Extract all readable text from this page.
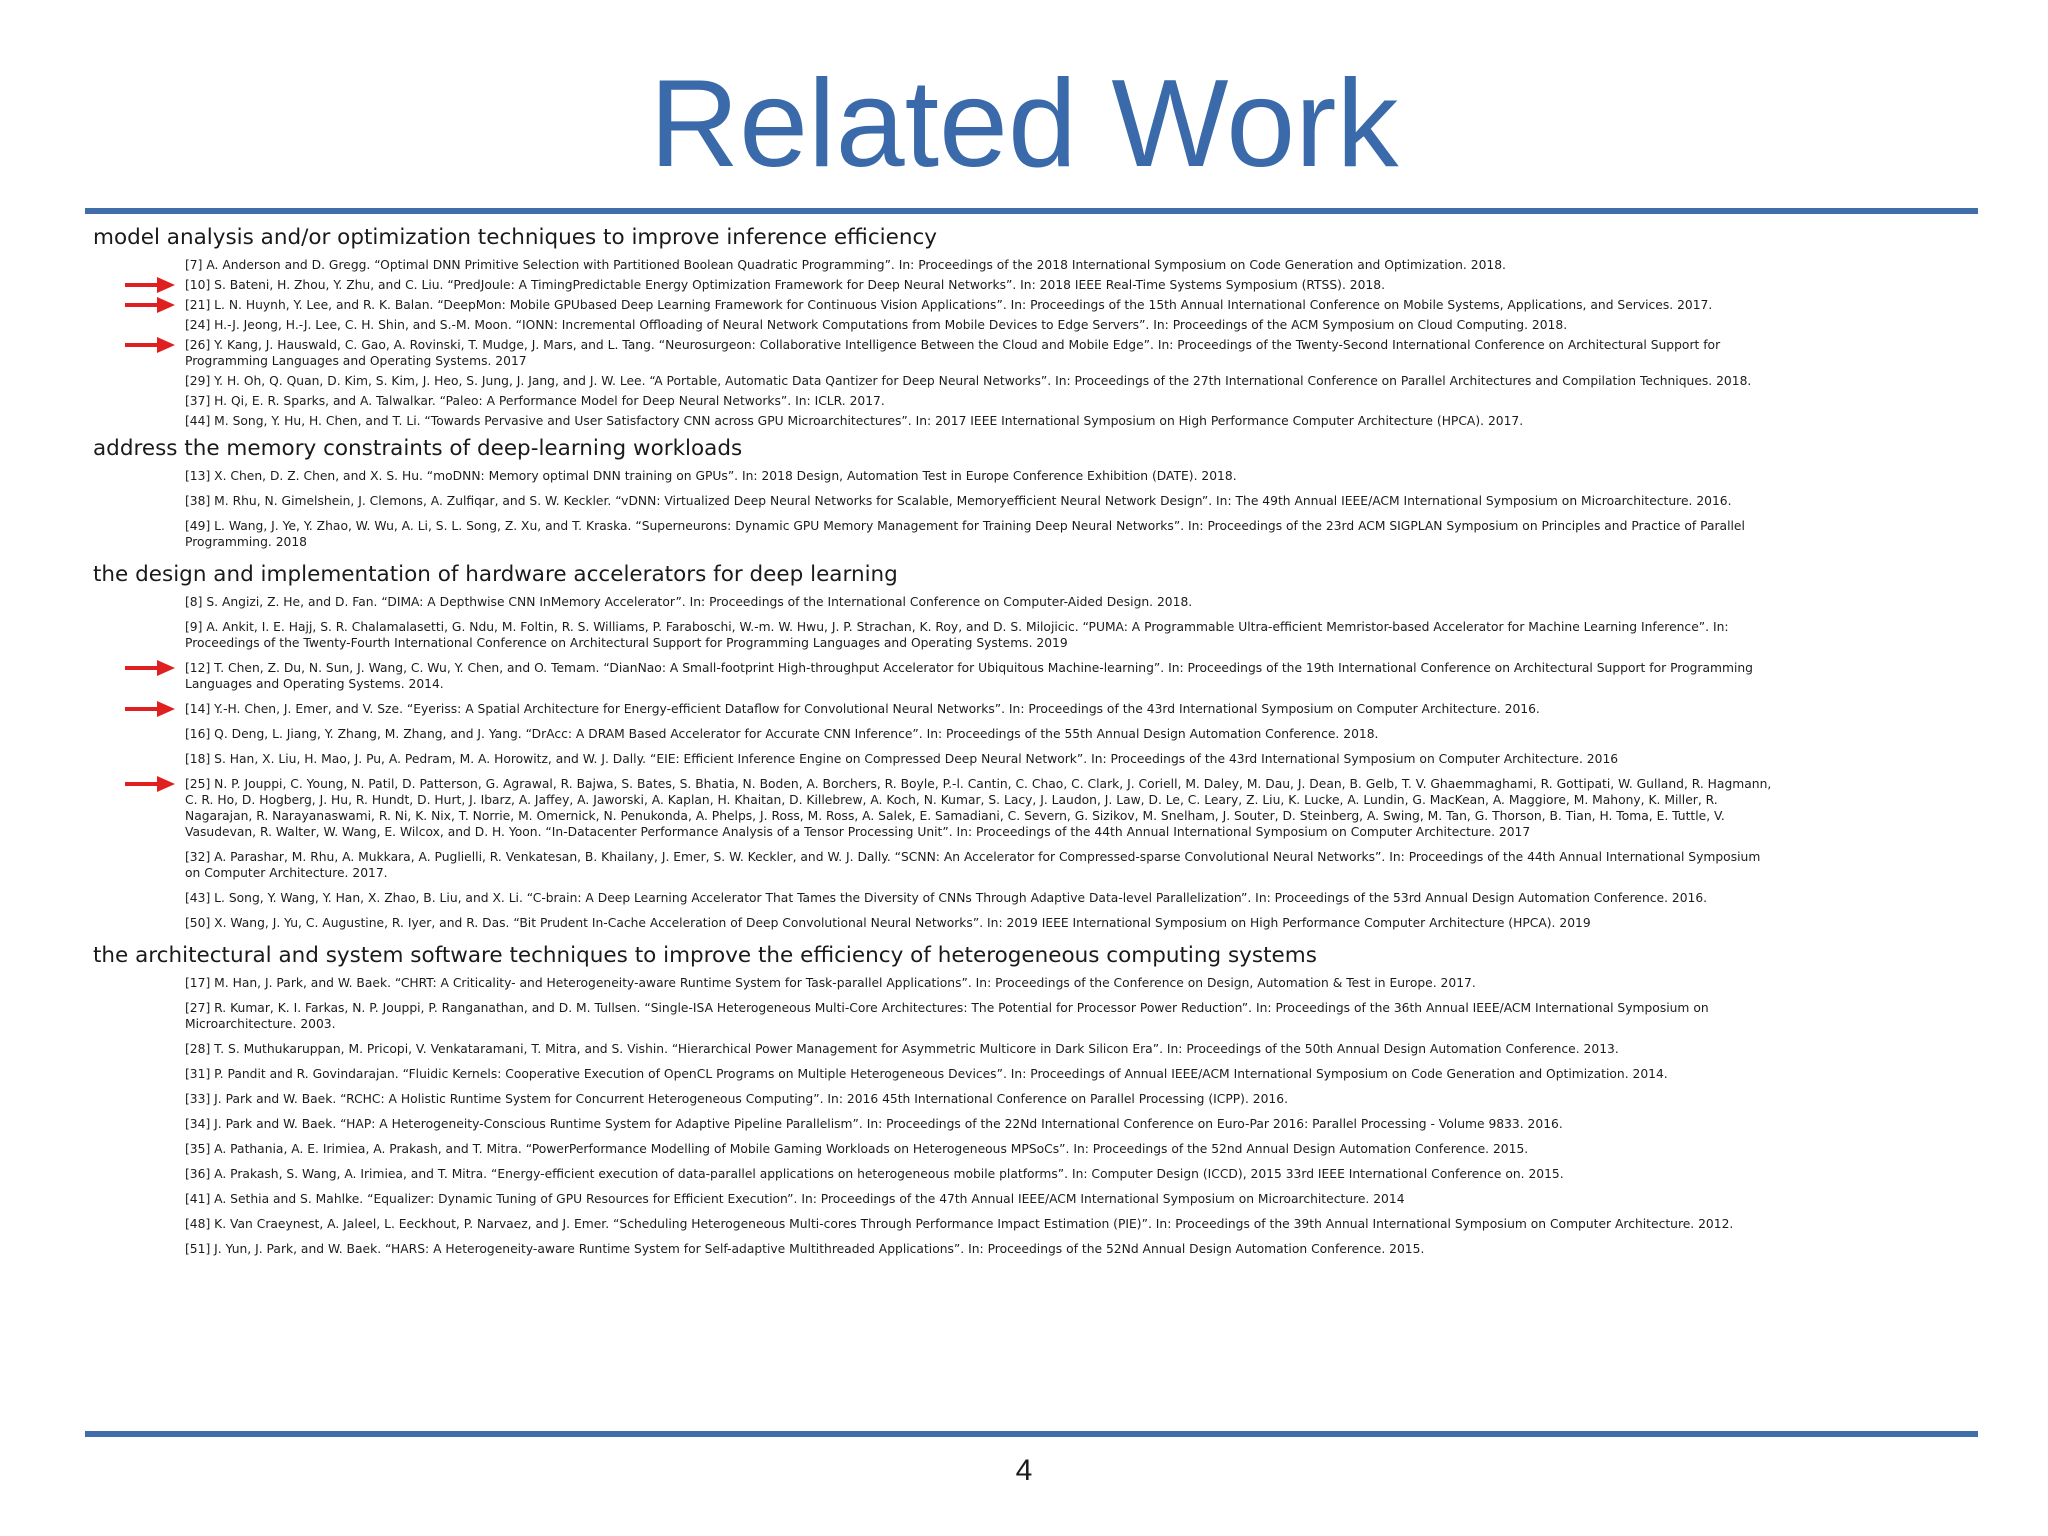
Related Work
model analysis and/or optimization techniques to improve inference efficiency
[7] A. Anderson and D. Gregg. “Optimal DNN Primitive Selection with Partitioned Boolean Quadratic Programming”. In: Proceedings of the 2018 International Symposium on Code Generation and Optimization. 2018.
[10] S. Bateni, H. Zhou, Y. Zhu, and C. Liu. “PredJoule: A TimingPredictable Energy Optimization Framework for Deep Neural Networks”. In: 2018 IEEE Real-Time Systems Symposium (RTSS). 2018.
[21] L. N. Huynh, Y. Lee, and R. K. Balan. “DeepMon: Mobile GPUbased Deep Learning Framework for Continuous Vision Applications”. In: Proceedings of the 15th Annual International Conference on Mobile Systems, Applications, and Services. 2017.
[24] H.-J. Jeong, H.-J. Lee, C. H. Shin, and S.-M. Moon. “IONN: Incremental Offloading of Neural Network Computations from Mobile Devices to Edge Servers”. In: Proceedings of the ACM Symposium on Cloud Computing. 2018.
[26] Y. Kang, J. Hauswald, C. Gao, A. Rovinski, T. Mudge, J. Mars, and L. Tang. “Neurosurgeon: Collaborative Intelligence Between the Cloud and Mobile Edge”. In: Proceedings of the Twenty-Second International Conference on Architectural Support for Programming Languages and Operating Systems. 2017
[29] Y. H. Oh, Q. Quan, D. Kim, S. Kim, J. Heo, S. Jung, J. Jang, and J. W. Lee. “A Portable, Automatic Data Qantizer for Deep Neural Networks”. In: Proceedings of the 27th International Conference on Parallel Architectures and Compilation Techniques. 2018.
[37] H. Qi, E. R. Sparks, and A. Talwalkar. “Paleo: A Performance Model for Deep Neural Networks”. In: ICLR. 2017.
[44] M. Song, Y. Hu, H. Chen, and T. Li. “Towards Pervasive and User Satisfactory CNN across GPU Microarchitectures”. In: 2017 IEEE International Symposium on High Performance Computer Architecture (HPCA). 2017.
address the memory constraints of deep-learning workloads
[13] X. Chen, D. Z. Chen, and X. S. Hu. “moDNN: Memory optimal DNN training on GPUs”. In: 2018 Design, Automation Test in Europe Conference Exhibition (DATE). 2018.
[38] M. Rhu, N. Gimelshein, J. Clemons, A. Zulfiqar, and S. W. Keckler. “vDNN: Virtualized Deep Neural Networks for Scalable, Memoryefficient Neural Network Design”. In: The 49th Annual IEEE/ACM International Symposium on Microarchitecture. 2016.
[49] L. Wang, J. Ye, Y. Zhao, W. Wu, A. Li, S. L. Song, Z. Xu, and T. Kraska. “Superneurons: Dynamic GPU Memory Management for Training Deep Neural Networks”. In: Proceedings of the 23rd ACM SIGPLAN Symposium on Principles and Practice of Parallel Programming. 2018
the design and implementation of hardware accelerators for deep learning
[8] S. Angizi, Z. He, and D. Fan. “DIMA: A Depthwise CNN InMemory Accelerator”. In: Proceedings of the International Conference on Computer-Aided Design. 2018.
[9] A. Ankit, I. E. Hajj, S. R. Chalamalasetti, G. Ndu, M. Foltin, R. S. Williams, P. Faraboschi, W.-m. W. Hwu, J. P. Strachan, K. Roy, and D. S. Milojicic. “PUMA: A Programmable Ultra-efficient Memristor-based Accelerator for Machine Learning Inference”. In: Proceedings of the Twenty-Fourth International Conference on Architectural Support for Programming Languages and Operating Systems. 2019
[12] T. Chen, Z. Du, N. Sun, J. Wang, C. Wu, Y. Chen, and O. Temam. “DianNao: A Small-footprint High-throughput Accelerator for Ubiquitous Machine-learning”. In: Proceedings of the 19th International Conference on Architectural Support for Programming Languages and Operating Systems. 2014.
[14] Y.-H. Chen, J. Emer, and V. Sze. “Eyeriss: A Spatial Architecture for Energy-efficient Dataflow for Convolutional Neural Networks”. In: Proceedings of the 43rd International Symposium on Computer Architecture. 2016.
[16] Q. Deng, L. Jiang, Y. Zhang, M. Zhang, and J. Yang. “DrAcc: A DRAM Based Accelerator for Accurate CNN Inference”. In: Proceedings of the 55th Annual Design Automation Conference. 2018.
[18] S. Han, X. Liu, H. Mao, J. Pu, A. Pedram, M. A. Horowitz, and W. J. Dally. “EIE: Efficient Inference Engine on Compressed Deep Neural Network”. In: Proceedings of the 43rd International Symposium on Computer Architecture. 2016
[25] N. P. Jouppi, C. Young, N. Patil, D. Patterson, G. Agrawal, R. Bajwa, S. Bates, S. Bhatia, N. Boden, A. Borchers, R. Boyle, P.-l. Cantin, C. Chao, C. Clark, J. Coriell, M. Daley, M. Dau, J. Dean, B. Gelb, T. V. Ghaemmaghami, R. Gottipati, W. Gulland, R. Hagmann, C. R. Ho, D. Hogberg, J. Hu, R. Hundt, D. Hurt, J. Ibarz, A. Jaffey, A. Jaworski, A. Kaplan, H. Khaitan, D. Killebrew, A. Koch, N. Kumar, S. Lacy, J. Laudon, J. Law, D. Le, C. Leary, Z. Liu, K. Lucke, A. Lundin, G. MacKean, A. Maggiore, M. Mahony, K. Miller, R. Nagarajan, R. Narayanaswami, R. Ni, K. Nix, T. Norrie, M. Omernick, N. Penukonda, A. Phelps, J. Ross, M. Ross, A. Salek, E. Samadiani, C. Severn, G. Sizikov, M. Snelham, J. Souter, D. Steinberg, A. Swing, M. Tan, G. Thorson, B. Tian, H. Toma, E. Tuttle, V. Vasudevan, R. Walter, W. Wang, E. Wilcox, and D. H. Yoon. “In-Datacenter Performance Analysis of a Tensor Processing Unit”. In: Proceedings of the 44th Annual International Symposium on Computer Architecture. 2017
[32] A. Parashar, M. Rhu, A. Mukkara, A. Puglielli, R. Venkatesan, B. Khailany, J. Emer, S. W. Keckler, and W. J. Dally. “SCNN: An Accelerator for Compressed-sparse Convolutional Neural Networks”. In: Proceedings of the 44th Annual International Symposium on Computer Architecture. 2017.
[43] L. Song, Y. Wang, Y. Han, X. Zhao, B. Liu, and X. Li. “C-brain: A Deep Learning Accelerator That Tames the Diversity of CNNs Through Adaptive Data-level Parallelization”. In: Proceedings of the 53rd Annual Design Automation Conference. 2016.
[50] X. Wang, J. Yu, C. Augustine, R. Iyer, and R. Das. “Bit Prudent In-Cache Acceleration of Deep Convolutional Neural Networks”. In: 2019 IEEE International Symposium on High Performance Computer Architecture (HPCA). 2019
the architectural and system software techniques to improve the efficiency of heterogeneous computing systems
[17] M. Han, J. Park, and W. Baek. “CHRT: A Criticality- and Heterogeneity-aware Runtime System for Task-parallel Applications”. In: Proceedings of the Conference on Design, Automation & Test in Europe. 2017.
[27] R. Kumar, K. I. Farkas, N. P. Jouppi, P. Ranganathan, and D. M. Tullsen. “Single-ISA Heterogeneous Multi-Core Architectures: The Potential for Processor Power Reduction”. In: Proceedings of the 36th Annual IEEE/ACM International Symposium on Microarchitecture. 2003.
[28] T. S. Muthukaruppan, M. Pricopi, V. Venkataramani, T. Mitra, and S. Vishin. “Hierarchical Power Management for Asymmetric Multicore in Dark Silicon Era”. In: Proceedings of the 50th Annual Design Automation Conference. 2013.
[31] P. Pandit and R. Govindarajan. “Fluidic Kernels: Cooperative Execution of OpenCL Programs on Multiple Heterogeneous Devices”. In: Proceedings of Annual IEEE/ACM International Symposium on Code Generation and Optimization. 2014.
[33] J. Park and W. Baek. “RCHC: A Holistic Runtime System for Concurrent Heterogeneous Computing”. In: 2016 45th International Conference on Parallel Processing (ICPP). 2016.
[34] J. Park and W. Baek. “HAP: A Heterogeneity-Conscious Runtime System for Adaptive Pipeline Parallelism”. In: Proceedings of the 22Nd International Conference on Euro-Par 2016: Parallel Processing - Volume 9833. 2016.
[35] A. Pathania, A. E. Irimiea, A. Prakash, and T. Mitra. “PowerPerformance Modelling of Mobile Gaming Workloads on Heterogeneous MPSoCs”. In: Proceedings of the 52nd Annual Design Automation Conference. 2015.
[36] A. Prakash, S. Wang, A. Irimiea, and T. Mitra. “Energy-efficient execution of data-parallel applications on heterogeneous mobile platforms”. In: Computer Design (ICCD), 2015 33rd IEEE International Conference on. 2015.
[41] A. Sethia and S. Mahlke. “Equalizer: Dynamic Tuning of GPU Resources for Efficient Execution”. In: Proceedings of the 47th Annual IEEE/ACM International Symposium on Microarchitecture. 2014
[48] K. Van Craeynest, A. Jaleel, L. Eeckhout, P. Narvaez, and J. Emer. “Scheduling Heterogeneous Multi-cores Through Performance Impact Estimation (PIE)”. In: Proceedings of the 39th Annual International Symposium on Computer Architecture. 2012.
[51] J. Yun, J. Park, and W. Baek. “HARS: A Heterogeneity-aware Runtime System for Self-adaptive Multithreaded Applications”. In: Proceedings of the 52Nd Annual Design Automation Conference. 2015.
4
